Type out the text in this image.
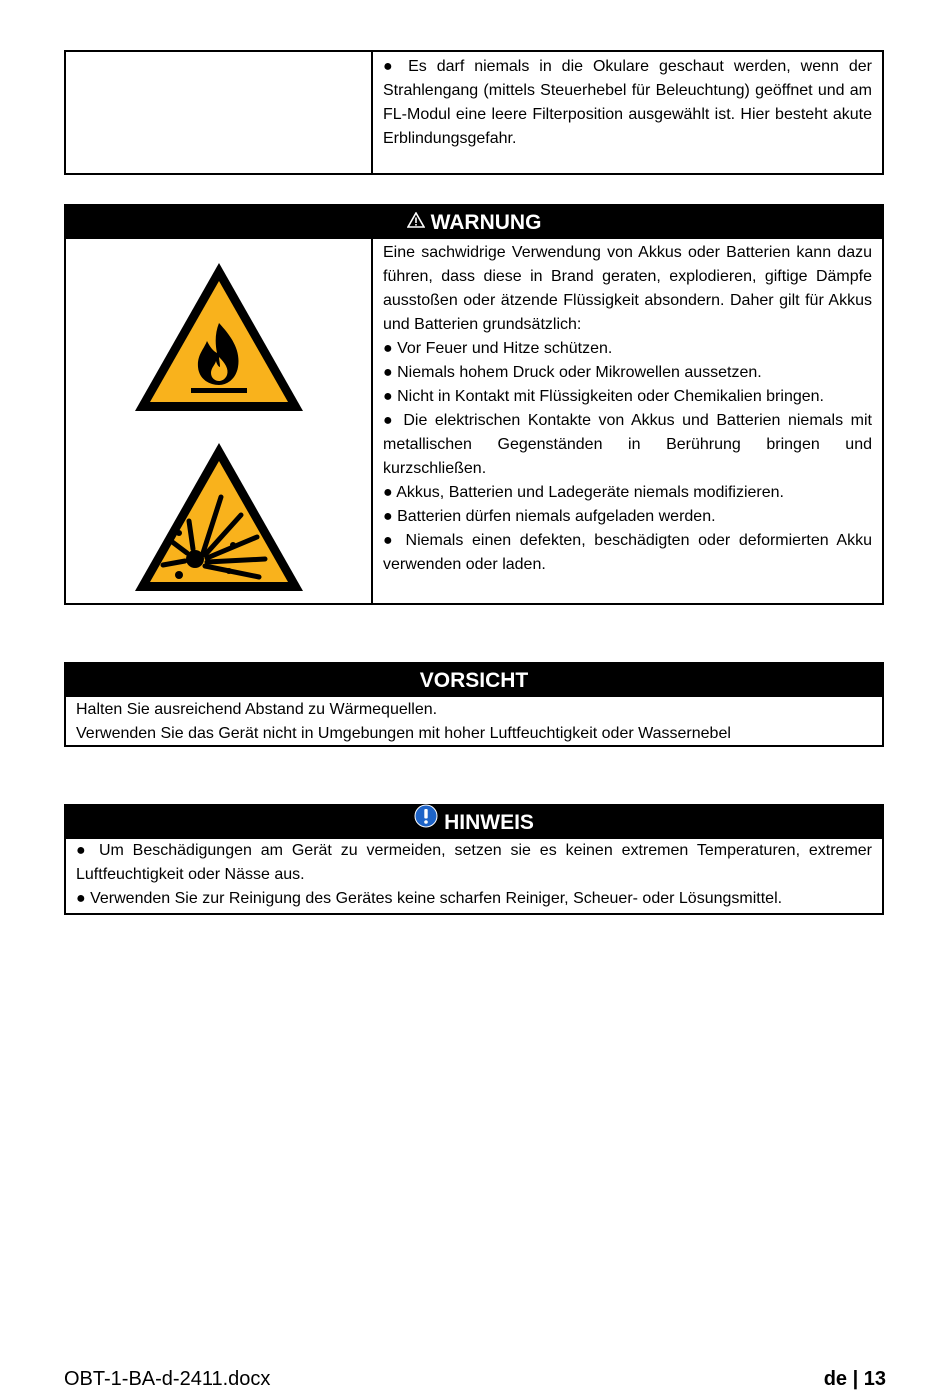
● Es darf niemals in die Okulare geschaut werden, wenn der Strahlengang (mittels Steuerhebel für Beleuchtung) geöffnet und am FL-Modul eine leere Filterposition ausgewählt ist. Hier besteht akute Erblindungsgefahr.

WARNUNG

Eine sachwidrige Verwendung von Akkus oder Batterien kann dazu führen, dass diese in Brand geraten, explodieren, giftige Dämpfe ausstoßen oder ätzende Flüssigkeit absondern. Daher gilt für Akkus und Batterien grundsätzlich:

● Vor Feuer und Hitze schützen.

● Niemals hohem Druck oder Mikrowellen aussetzen.

● Nicht in Kontakt mit Flüssigkeiten oder Chemikalien bringen.

● Die elektrischen Kontakte von Akkus und Batterien niemals mit metallischen Gegenständen in Berührung bringen und kurzschließen.

● Akkus, Batterien und Ladegeräte niemals modifizieren.

● Batterien dürfen niemals aufgeladen werden.

● Niemals einen defekten, beschädigten oder deformierten Akku verwenden oder laden.

VORSICHT

Halten Sie ausreichend Abstand zu Wärmequellen.

Verwenden Sie das Gerät nicht in Umgebungen mit hoher Luftfeuchtigkeit oder Wassernebel

HINWEIS

● Um Beschädigungen am Gerät zu vermeiden, setzen sie es keinen extremen Temperaturen, extremer Luftfeuchtigkeit oder Nässe aus.

● Verwenden Sie zur Reinigung des Gerätes keine scharfen Reiniger, Scheuer- oder Lösungsmittel.

OBT-1-BA-d-2411.docx	de | 13
